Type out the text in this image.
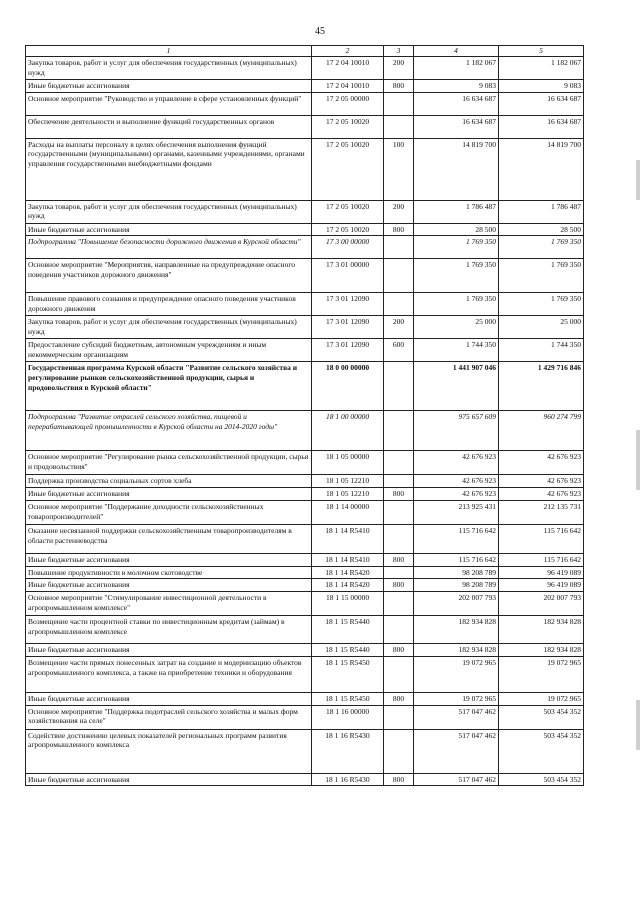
45
1	2	3	4	5
Закупка товаров, работ и услуг для обеспечения государственных (муниципальных) нужд	17 2 04 10010	200	1 182 067	1 182 067
Иные бюджетные ассигнования	17 2 04 10010	800	9 083	9 083
Основное мероприятие "Руководство и управление в сфере установленных функций"	17 2 05 00000		16 634 687	16 634 687
Обеспечение деятельности и выполнение функций государственных органов	17 2 05 10020		16 634 687	16 634 687
Расходы на выплаты персоналу в целях обеспечения выполнения функций государственными (муниципальными) органами, казенными учреждениями, органами управления государственными внебюджетными фондами	17 2 05 10020	100	14 819 700	14 819 700
Закупка товаров, работ и услуг для обеспечения государственных (муниципальных) нужд	17 2 05 10020	200	1 786 487	1 786 487
Иные бюджетные ассигнования	17 2 05 10020	800	28 500	28 500
Подпрограмма "Повышение безопасности дорожного движения в Курской области"	17 3 00 00000		1 769 350	1 769 350
Основное мероприятие "Мероприятия, направленные на предупреждение опасного поведения участников дорожного движения"	17 3 01 00000		1 769 350	1 769 350
Повышение правового сознания и предупреждение опасного поведения участников дорожного движения	17 3 01 12090		1 769 350	1 769 350
Закупка товаров, работ и услуг для обеспечения государственных (муниципальных) нужд	17 3 01 12090	200	25 000	25 000
Предоставление субсидий бюджетным, автономным учреждениям и иным некоммерческим организациям	17 3 01 12090	600	1 744 350	1 744 350
Государственная программа Курской области "Развитие сельского хозяйства и регулирование рынков сельскохозяйственной продукции, сырья и продовольствия в Курской области"	18 0 00 00000		1 441 907 046	1 429 716 846
Подпрограмма "Развитие отраслей сельского хозяйства, пищевой и перерабатывающей промышленности в Курской области на 2014-2020 годы"	18 1 00 00000		975 657 609	960 274 799
Основное мероприятие "Регулирование рынка сельскохозяйственной продукции, сырья и продовольствия"	18 1 05 00000		42 676 923	42 676 923
Поддержка производства социальных сортов хлеба	18 1 05 12210		42 676 923	42 676 923
Иные бюджетные ассигнования	18 1 05 12210	800	42 676 923	42 676 923
Основное мероприятие "Поддержание доходности сельскохозяйственных товаропроизводителей"	18 1 14 00000		213 925 431	212 135 731
Оказание несвязанной поддержки сельскохозяйственным товаропроизводителям в области растениеводства	18 1 14 R5410		115 716 642	115 716 642
Иные бюджетные ассигнования	18 1 14 R5410	800	115 716 642	115 716 642
Повышение продуктивности в молочном скотоводстве	18 1 14 R5420		98 208 789	96 419 089
Иные бюджетные ассигнования	18 1 14 R5420	800	98 208 789	96 419 089
Основное мероприятие "Стимулирование инвестиционной деятельности в агропромышленном комплексе"	18 1 15 00000		202 007 793	202 007 793
Возмещение части процентной ставки по инвестиционным кредитам (займам) в агропромышленном комплексе	18 1 15 R5440		182 934 828	182 934 828
Иные бюджетные ассигнования	18 1 15 R5440	800	182 934 828	182 934 828
Возмещение части прямых понесенных затрат на создание и модернизацию объектов агропромышленного комплекса, а также на приобретение техники и оборудования	18 1 15 R5450		19 072 965	19 072 965
Иные бюджетные ассигнования	18 1 15 R5450	800	19 072 965	19 072 965
Основное мероприятие "Поддержка подотраслей сельского хозяйства и малых форм хозяйствования на селе"	18 1 16 00000		517 047 462	503 454 352
Содействие достижению целевых показателей региональных программ развития агропромышленного комплекса	18 1 16 R5430		517 047 462	503 454 352
Иные бюджетные ассигнования	18 1 16 R5430	800	517 047 462	503 454 352
